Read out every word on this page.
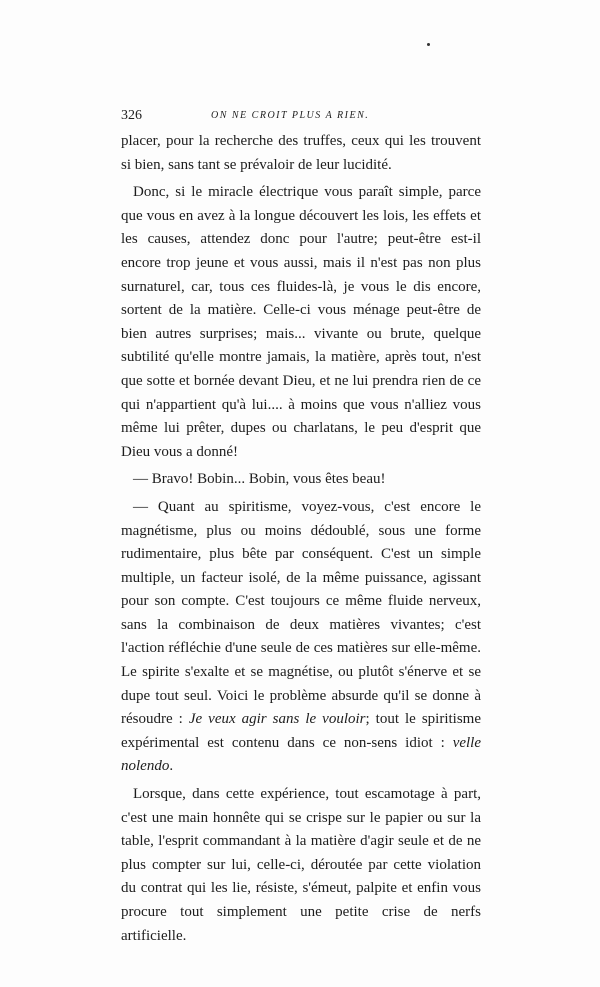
326	ON NE CROIT PLUS A RIEN.

placer, pour la recherche des truffes, ceux qui les trouvent si bien, sans tant se prévaloir de leur lucidité.

Donc, si le miracle électrique vous paraît simple, parce que vous en avez à la longue découvert les lois, les effets et les causes, attendez donc pour l'autre; peut-être est-il encore trop jeune et vous aussi, mais il n'est pas non plus surnaturel, car, tous ces fluides-là, je vous le dis encore, sortent de la matière. Celle-ci vous ménage peut-être de bien autres surprises; mais... vivante ou brute, quelque subtilité qu'elle montre jamais, la matière, après tout, n'est que sotte et bornée devant Dieu, et ne lui prendra rien de ce qui n'appartient qu'à lui.... à moins que vous n'alliez vous même lui prêter, dupes ou charlatans, le peu d'esprit que Dieu vous a donné!

— Bravo! Bobin... Bobin, vous êtes beau!

— Quant au spiritisme, voyez-vous, c'est encore le magnétisme, plus ou moins dédoublé, sous une forme rudimentaire, plus bête par conséquent. C'est un simple multiple, un facteur isolé, de la même puissance, agissant pour son compte. C'est toujours ce même fluide nerveux, sans la combinaison de deux matières vivantes; c'est l'action réfléchie d'une seule de ces matières sur elle-même. Le spirite s'exalte et se magnétise, ou plutôt s'énerve et se dupe tout seul. Voici le problème absurde qu'il se donne à résoudre : Je veux agir sans le vouloir; tout le spiritisme expérimental est contenu dans ce non-sens idiot : velle nolendo.

Lorsque, dans cette expérience, tout escamotage à part, c'est une main honnête qui se crispe sur le papier ou sur la table, l'esprit commandant à la matière d'agir seule et de ne plus compter sur lui, celle-ci, déroutée par cette violation du contrat qui les lie, résiste, s'émeut, palpite et enfin vous procure tout simplement une petite crise de nerfs artificielle.
